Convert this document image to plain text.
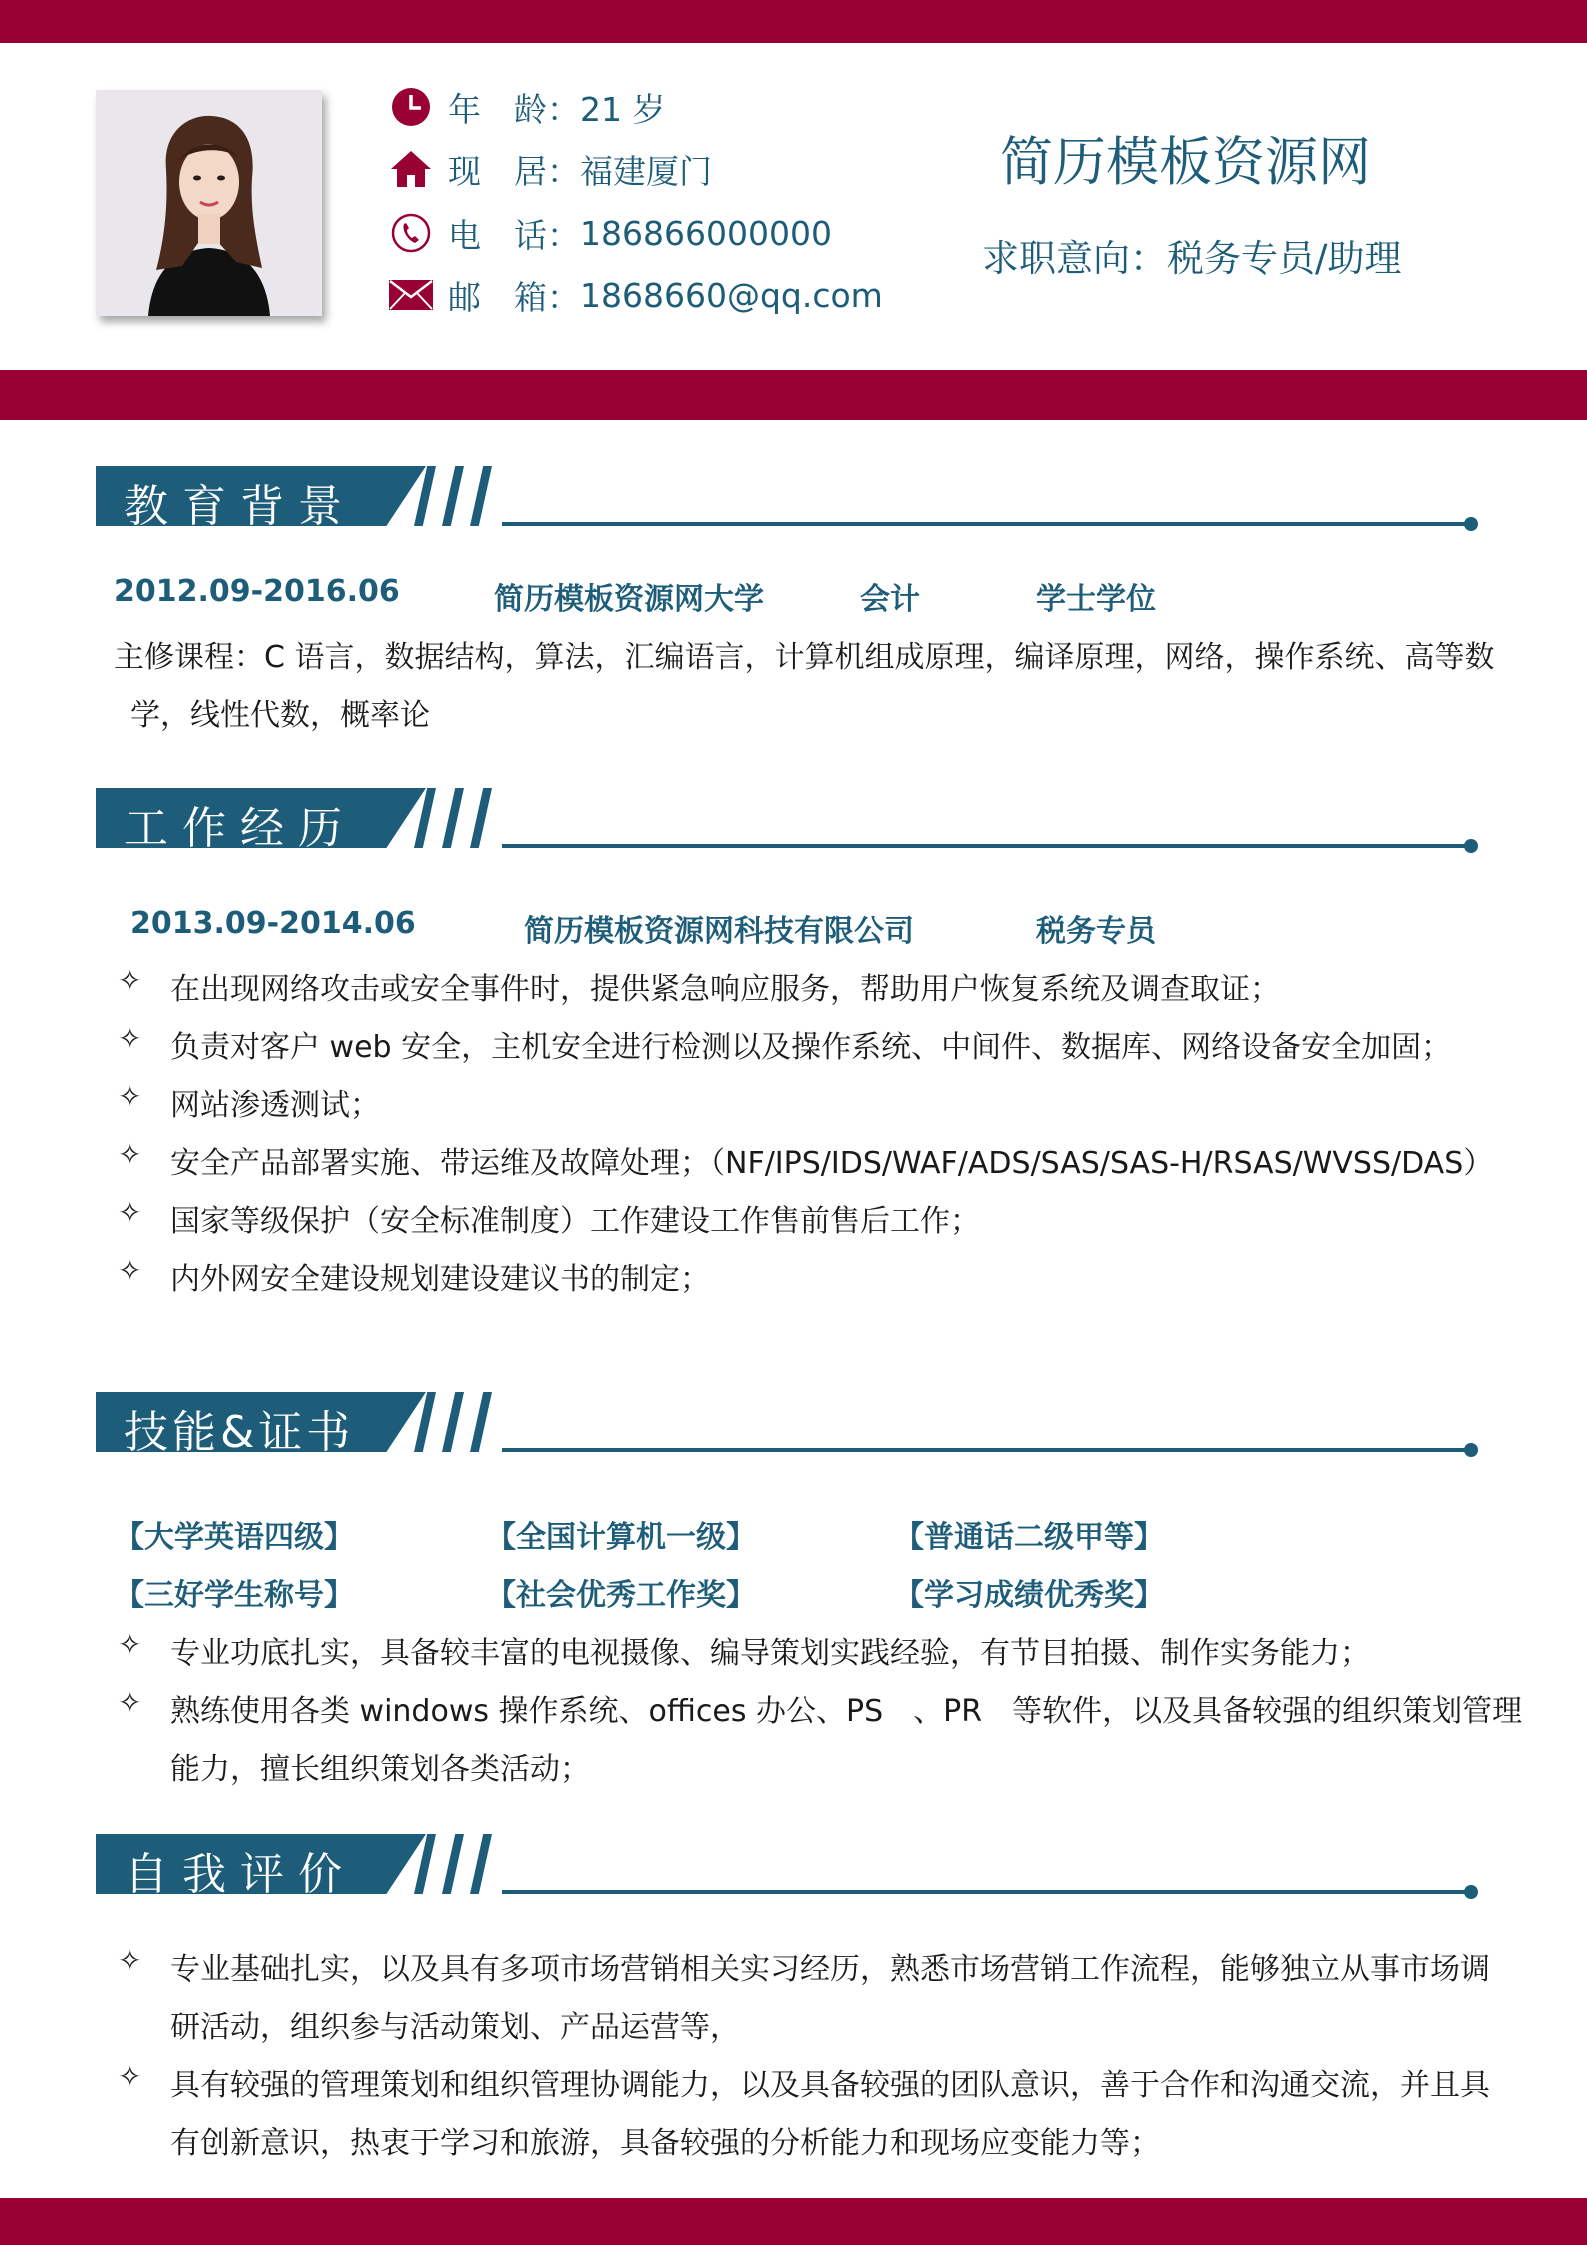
年　龄： 21 岁
现　居： 福建厦门
电　话： 186866000000
邮　箱： 1868660@qq.com
简历模板资源网
求职意向：税务专员/助理
教育背景
2012.09-2016.06	简历模板资源网大学	会计	学士学位
主修课程：C 语言，数据结构，算法，汇编语言，计算机组成原理，编译原理，网络，操作系统、高等数
学，线性代数，概率论
工作经历
2013.09-2014.06	简历模板资源网科技有限公司	税务专员
✧ 在出现网络攻击或安全事件时，提供紧急响应服务，帮助用户恢复系统及调查取证；
✧ 负责对客户 web 安全，主机安全进行检测以及操作系统、中间件、数据库、网络设备安全加固；
✧ 网站渗透测试；
✧ 安全产品部署实施、带运维及故障处理；（NF/IPS/IDS/WAF/ADS/SAS/SAS-H/RSAS/WVSS/DAS）
✧ 国家等级保护（安全标准制度）工作建设工作售前售后工作；
✧ 内外网安全建设规划建设建议书的制定；
技能&证书
【大学英语四级】	【全国计算机一级】	【普通话二级甲等】
【三好学生称号】	【社会优秀工作奖】	【学习成绩优秀奖】
✧ 专业功底扎实，具备较丰富的电视摄像、编导策划实践经验，有节目拍摄、制作实务能力；
✧ 熟练使用各类 windows 操作系统、offices 办公、PS　、PR　等软件，以及具备较强的组织策划管理
能力，擅长组织策划各类活动；
自我评价
✧ 专业基础扎实，以及具有多项市场营销相关实习经历，熟悉市场营销工作流程，能够独立从事市场调
研活动，组织参与活动策划、产品运营等，
✧ 具有较强的管理策划和组织管理协调能力，以及具备较强的团队意识，善于合作和沟通交流，并且具
有创新意识，热衷于学习和旅游，具备较强的分析能力和现场应变能力等；
